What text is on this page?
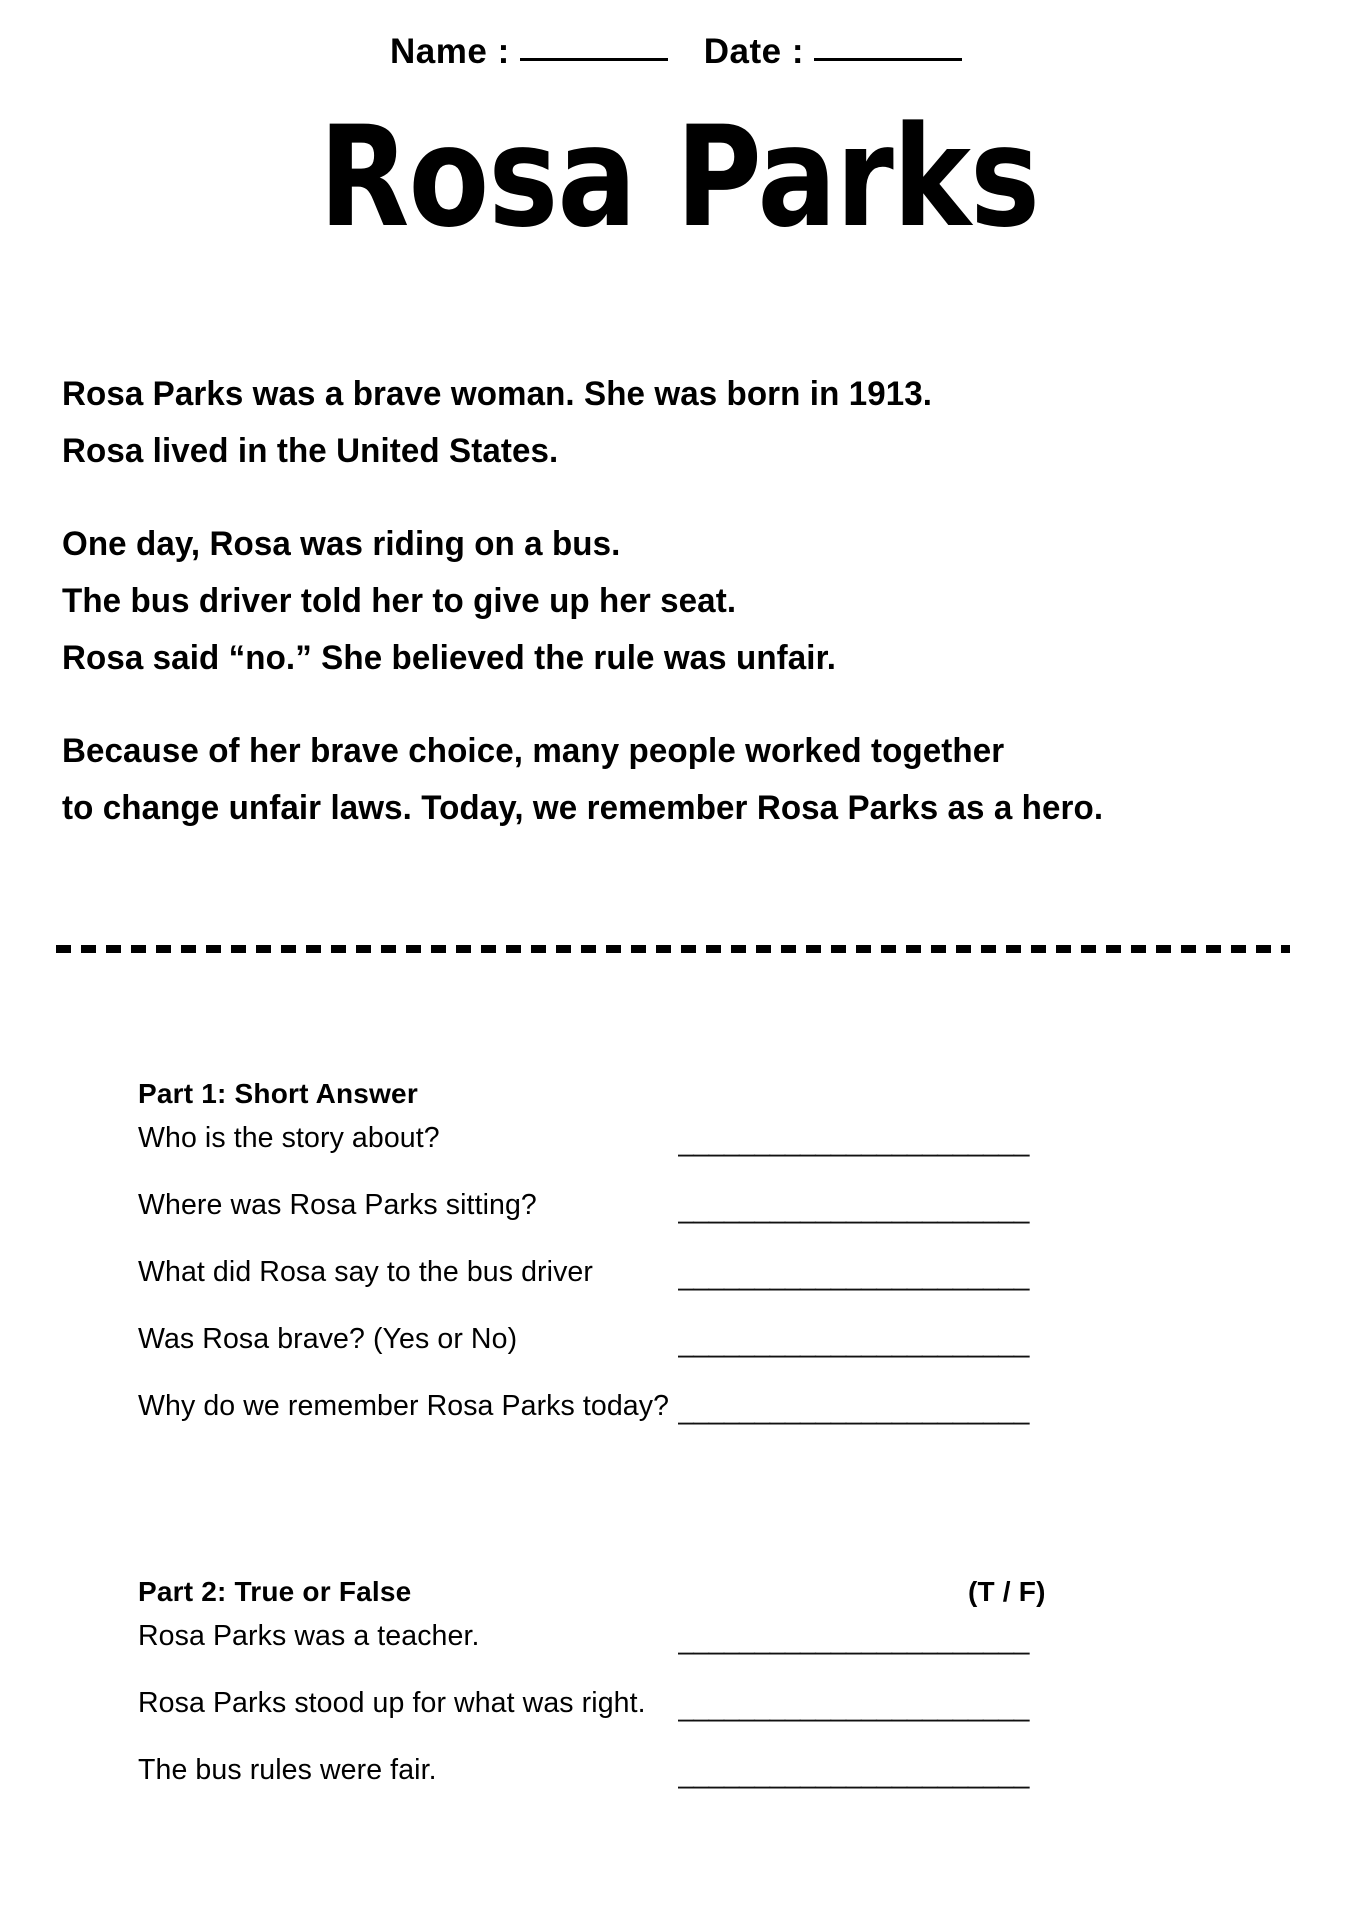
Name :	Date :
Rosa Parks
Rosa Parks was a brave woman. She was born in 1913.
Rosa lived in the United States.
One day, Rosa was riding on a bus.
The bus driver told her to give up her seat.
Rosa said “no.” She believed the rule was unfair.
Because of her brave choice, many people worked together
to change unfair laws. Today, we remember Rosa Parks as a hero.
Part 1: Short Answer
Who is the story about?	_______________________
Where was Rosa Parks sitting?	_______________________
What did Rosa say to the bus driver	_______________________
Was Rosa brave? (Yes or No)	_______________________
Why do we remember Rosa Parks today? _______________________
Part 2: True or False	(T / F)
Rosa Parks was a teacher.	_______________________
Rosa Parks stood up for what was right. _______________________
The bus rules were fair.	_______________________
